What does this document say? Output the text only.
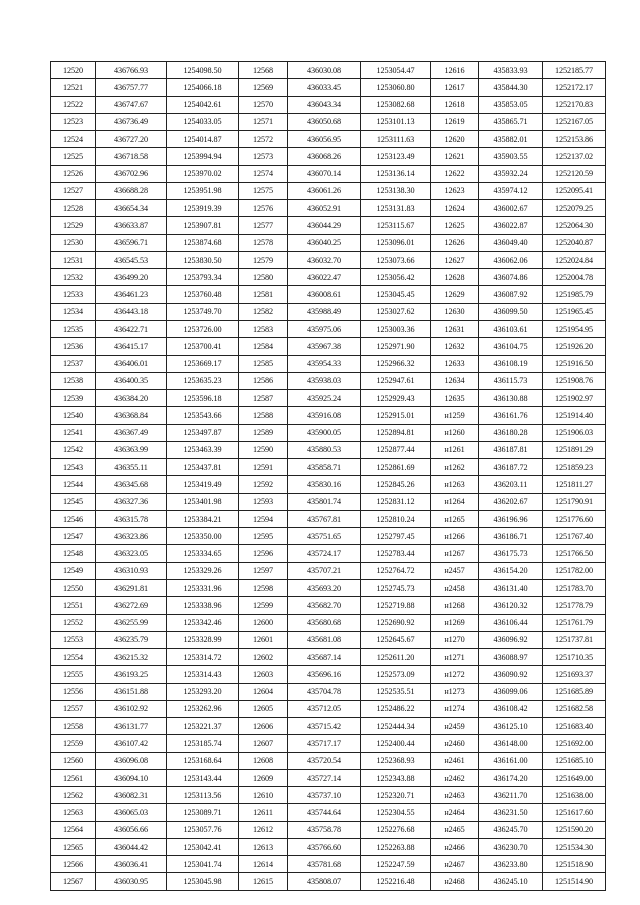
12520	436766.93	1254098.50	12568	436030.08	1253054.47	12616	435833.93	1252185.77
12521	436757.77	1254066.18	12569	436033.45	1253060.80	12617	435844.30	1252172.17
12522	436747.67	1254042.61	12570	436043.34	1253082.68	12618	435853.05	1252170.83
12523	436736.49	1254033.05	12571	436050.68	1253101.13	12619	435865.71	1252167.05
12524	436727.20	1254014.87	12572	436056.95	1253111.63	12620	435882.01	1252153.86
12525	436718.58	1253994.94	12573	436068.26	1253123.49	12621	435903.55	1252137.02
12526	436702.96	1253970.02	12574	436070.14	1253136.14	12622	435932.24	1252120.59
12527	436688.28	1253951.98	12575	436061.26	1253138.30	12623	435974.12	1252095.41
12528	436654.34	1253919.39	12576	436052.91	1253131.83	12624	436002.67	1252079.25
12529	436633.87	1253907.81	12577	436044.29	1253115.67	12625	436022.87	1252064.30
12530	436596.71	1253874.68	12578	436040.25	1253096.01	12626	436049.40	1252040.87
12531	436545.53	1253830.50	12579	436032.70	1253073.66	12627	436062.06	1252024.84
12532	436499.20	1253793.34	12580	436022.47	1253056.42	12628	436074.86	1252004.78
12533	436461.23	1253760.48	12581	436008.61	1253045.45	12629	436087.92	1251985.79
12534	436443.18	1253749.70	12582	435988.49	1253027.62	12630	436099.50	1251965.45
12535	436422.71	1253726.00	12583	435975.06	1253003.36	12631	436103.61	1251954.95
12536	436415.17	1253700.41	12584	435967.38	1252971.90	12632	436104.75	1251926.20
12537	436406.01	1253669.17	12585	435954.33	1252966.32	12633	436108.19	1251916.50
12538	436400.35	1253635.23	12586	435938.03	1252947.61	12634	436115.73	1251908.76
12539	436384.20	1253596.18	12587	435925.24	1252929.43	12635	436130.88	1251902.97
12540	436368.84	1253543.66	12588	435916.08	1252915.01	н1259	436161.76	1251914.40
12541	436367.49	1253497.87	12589	435900.05	1252894.81	н1260	436180.28	1251906.03
12542	436363.99	1253463.39	12590	435880.53	1252877.44	н1261	436187.81	1251891.29
12543	436355.11	1253437.81	12591	435858.71	1252861.69	н1262	436187.72	1251859.23
12544	436345.68	1253419.49	12592	435830.16	1252845.26	н1263	436203.11	1251811.27
12545	436327.36	1253401.98	12593	435801.74	1252831.12	н1264	436202.67	1251790.91
12546	436315.78	1253384.21	12594	435767.81	1252810.24	н1265	436196.96	1251776.60
12547	436323.86	1253350.00	12595	435751.65	1252797.45	н1266	436186.71	1251767.40
12548	436323.05	1253334.65	12596	435724.17	1252783.44	н1267	436175.73	1251766.50
12549	436310.93	1253329.26	12597	435707.21	1252764.72	н2457	436154.20	1251782.00
12550	436291.81	1253331.96	12598	435693.20	1252745.73	н2458	436131.40	1251783.70
12551	436272.69	1253338.96	12599	435682.70	1252719.88	н1268	436120.32	1251778.79
12552	436255.99	1253342.46	12600	435680.68	1252690.92	н1269	436106.44	1251761.79
12553	436235.79	1253328.99	12601	435681.08	1252645.67	н1270	436096.92	1251737.81
12554	436215.32	1253314.72	12602	435687.14	1252611.20	н1271	436088.97	1251710.35
12555	436193.25	1253314.43	12603	435696.16	1252573.09	н1272	436090.92	1251693.37
12556	436151.88	1253293.20	12604	435704.78	1252535.51	н1273	436099.06	1251685.89
12557	436102.92	1253262.96	12605	435712.05	1252486.22	н1274	436108.42	1251682.58
12558	436131.77	1253221.37	12606	435715.42	1252444.34	н2459	436125.10	1251683.40
12559	436107.42	1253185.74	12607	435717.17	1252400.44	н2460	436148.00	1251692.00
12560	436096.08	1253168.64	12608	435720.54	1252368.93	н2461	436161.00	1251685.10
12561	436094.10	1253143.44	12609	435727.14	1252343.88	н2462	436174.20	1251649.00
12562	436082.31	1253113.56	12610	435737.10	1252320.71	н2463	436211.70	1251638.00
12563	436065.03	1253089.71	12611	435744.64	1252304.55	н2464	436231.50	1251617.60
12564	436056.66	1253057.76	12612	435758.78	1252276.68	н2465	436245.70	1251590.20
12565	436044.42	1253042.41	12613	435766.60	1252263.88	н2466	436230.70	1251534.30
12566	436036.41	1253041.74	12614	435781.68	1252247.59	н2467	436233.80	1251518.90
12567	436030.95	1253045.98	12615	435808.07	1252216.48	н2468	436245.10	1251514.90
